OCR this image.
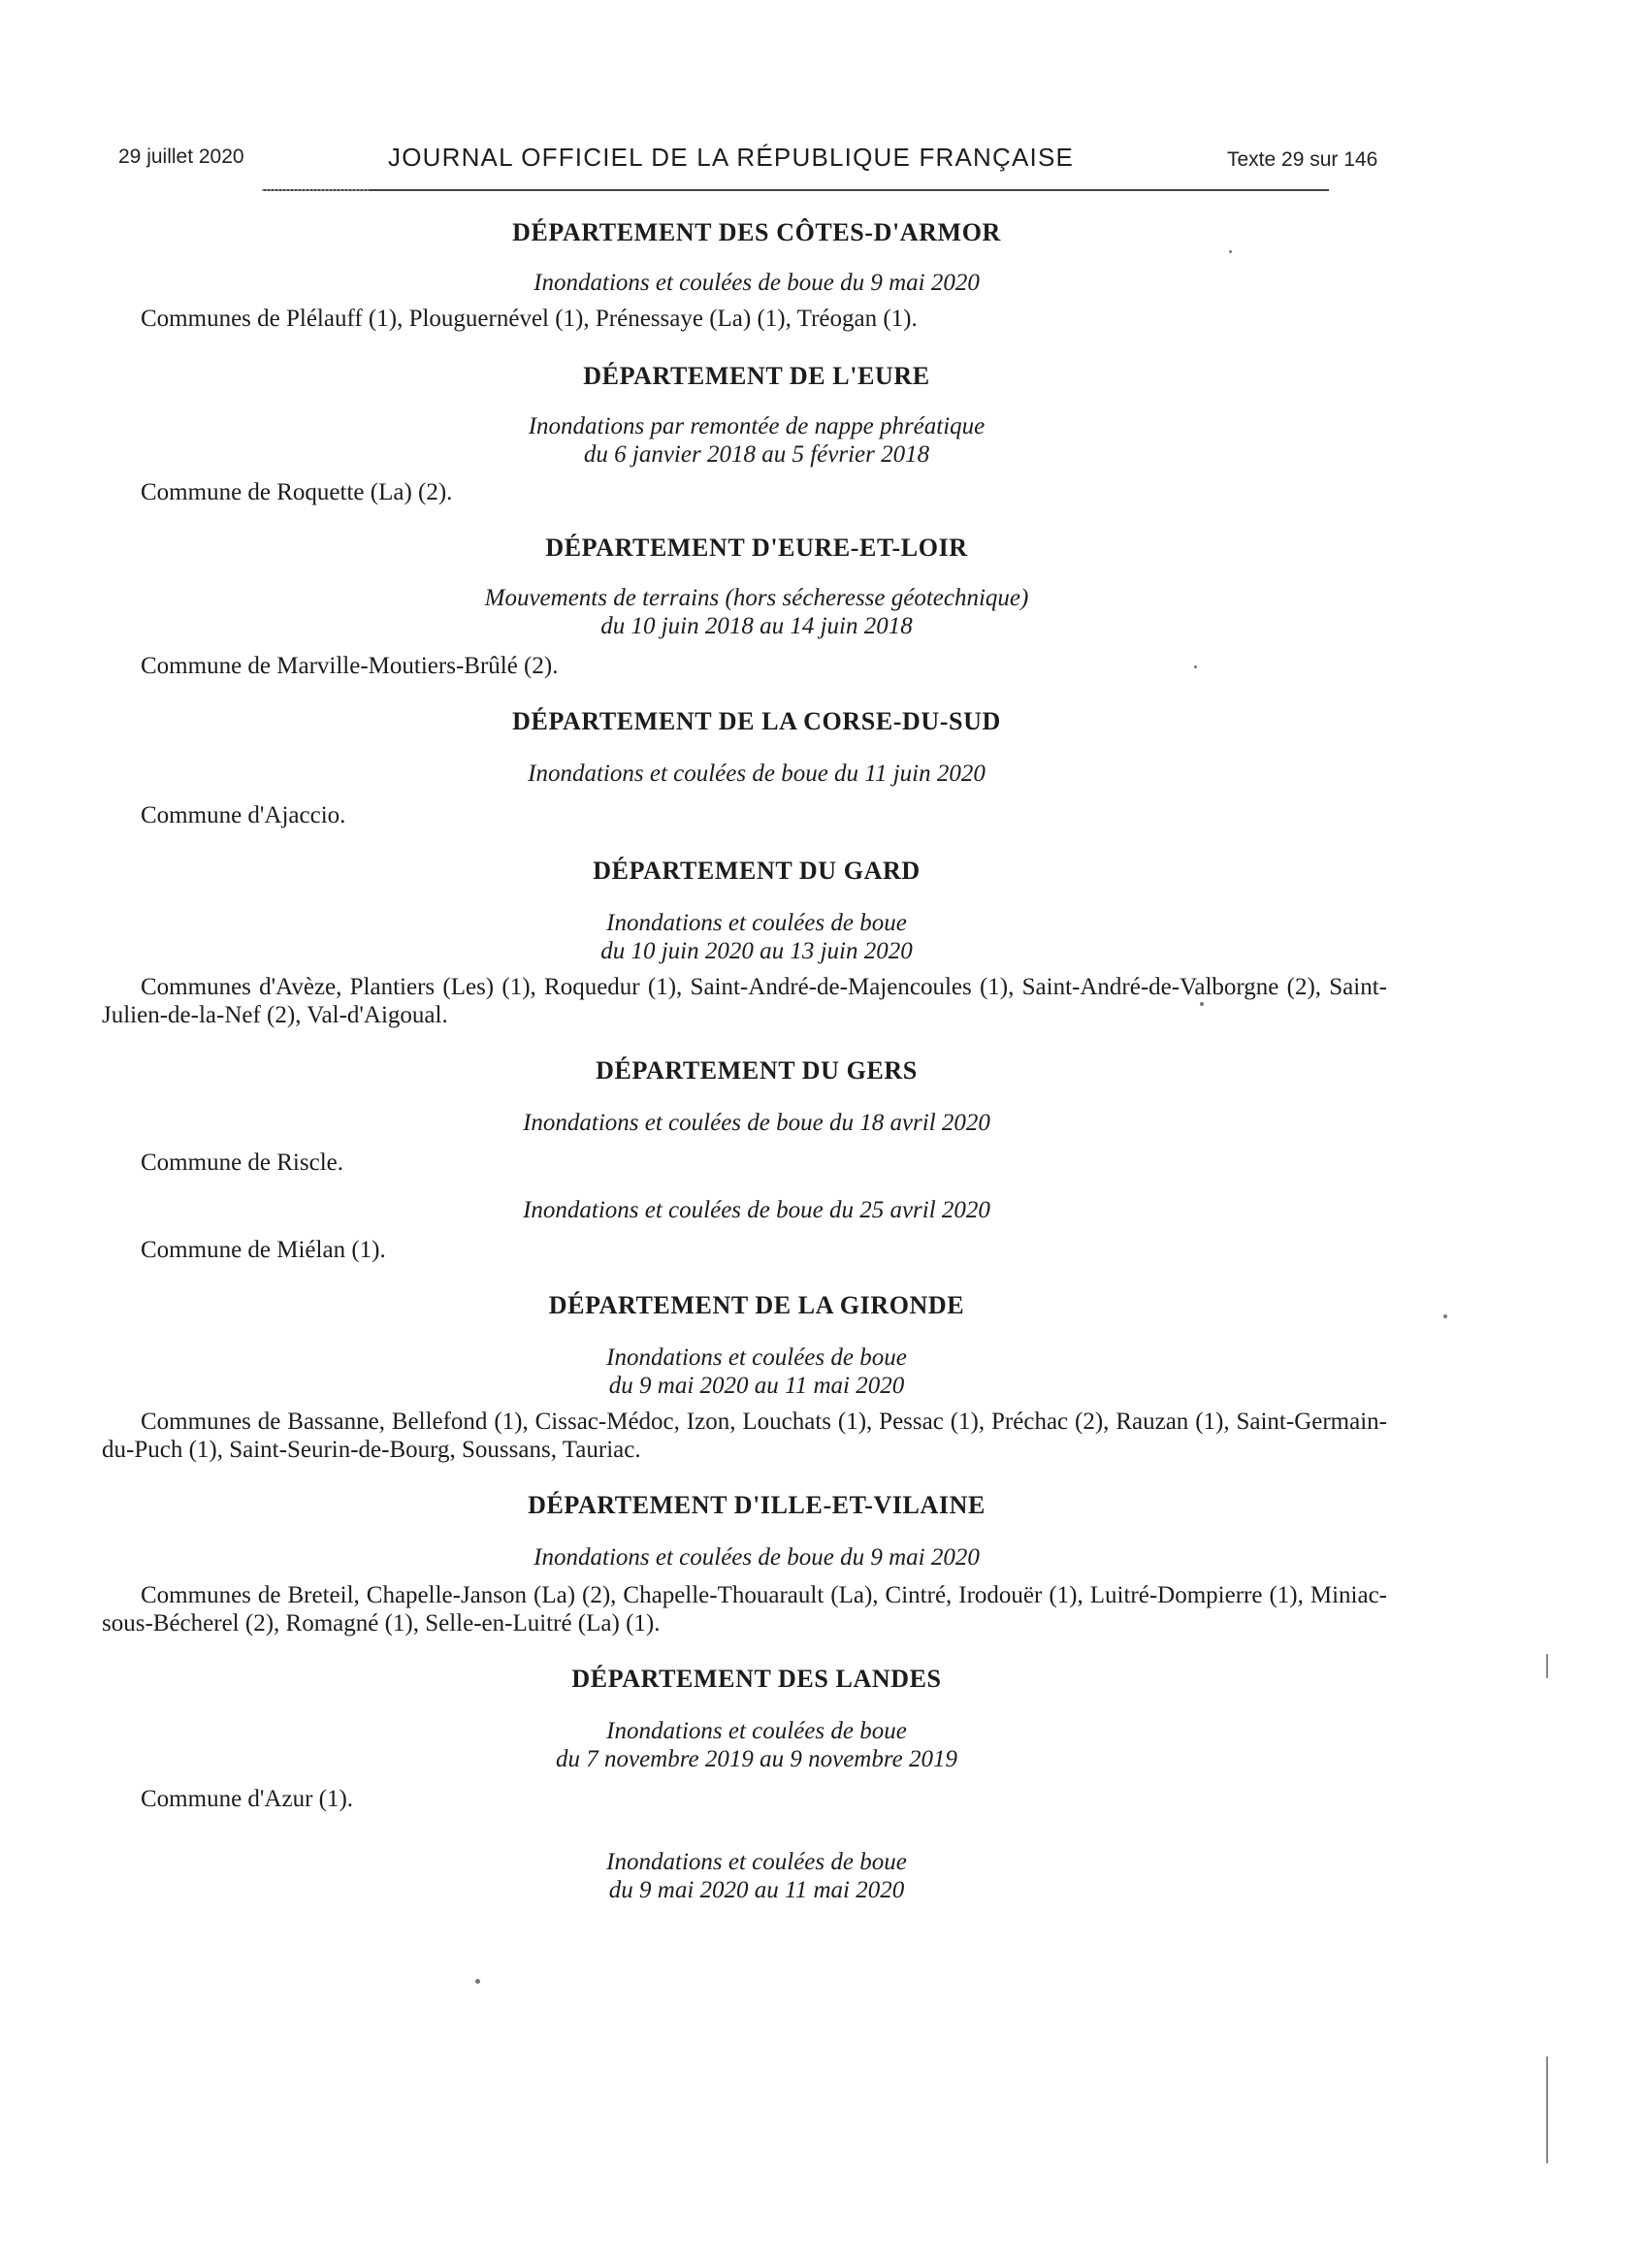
29 juillet 2020	JOURNAL OFFICIEL DE LA RÉPUBLIQUE FRANÇAISE	Texte 29 sur 146

DÉPARTEMENT DES CÔTES-D'ARMOR

Inondations et coulées de boue du 9 mai 2020

Communes de Plélauff (1), Plouguernével (1), Prénessaye (La) (1), Tréogan (1).

DÉPARTEMENT DE L'EURE

Inondations par remontée de nappe phréatique

du 6 janvier 2018 au 5 février 2018

Commune de Roquette (La) (2).

DÉPARTEMENT D'EURE-ET-LOIR

Mouvements de terrains (hors sécheresse géotechnique)

du 10 juin 2018 au 14 juin 2018

Commune de Marville-Moutiers-Brûlé (2).

DÉPARTEMENT DE LA CORSE-DU-SUD

Inondations et coulées de boue du 11 juin 2020

Commune d'Ajaccio.

DÉPARTEMENT DU GARD

Inondations et coulées de boue

du 10 juin 2020 au 13 juin 2020

Communes d'Avèze, Plantiers (Les) (1), Roquedur (1), Saint-André-de-Majencoules (1), Saint-André-de-Valborgne (2), Saint-Julien-de-la-Nef (2), Val-d'Aigoual.

DÉPARTEMENT DU GERS

Inondations et coulées de boue du 18 avril 2020

Commune de Riscle.

Inondations et coulées de boue du 25 avril 2020

Commune de Miélan (1).

DÉPARTEMENT DE LA GIRONDE

Inondations et coulées de boue

du 9 mai 2020 au 11 mai 2020

Communes de Bassanne, Bellefond (1), Cissac-Médoc, Izon, Louchats (1), Pessac (1), Préchac (2), Rauzan (1), Saint-Germain-du-Puch (1), Saint-Seurin-de-Bourg, Soussans, Tauriac.

DÉPARTEMENT D'ILLE-ET-VILAINE

Inondations et coulées de boue du 9 mai 2020

Communes de Breteil, Chapelle-Janson (La) (2), Chapelle-Thouarault (La), Cintré, Irodouër (1), Luitré-Dompierre (1), Miniac-sous-Bécherel (2), Romagné (1), Selle-en-Luitré (La) (1).

DÉPARTEMENT DES LANDES

Inondations et coulées de boue

du 7 novembre 2019 au 9 novembre 2019

Commune d'Azur (1).

Inondations et coulées de boue

du 9 mai 2020 au 11 mai 2020
